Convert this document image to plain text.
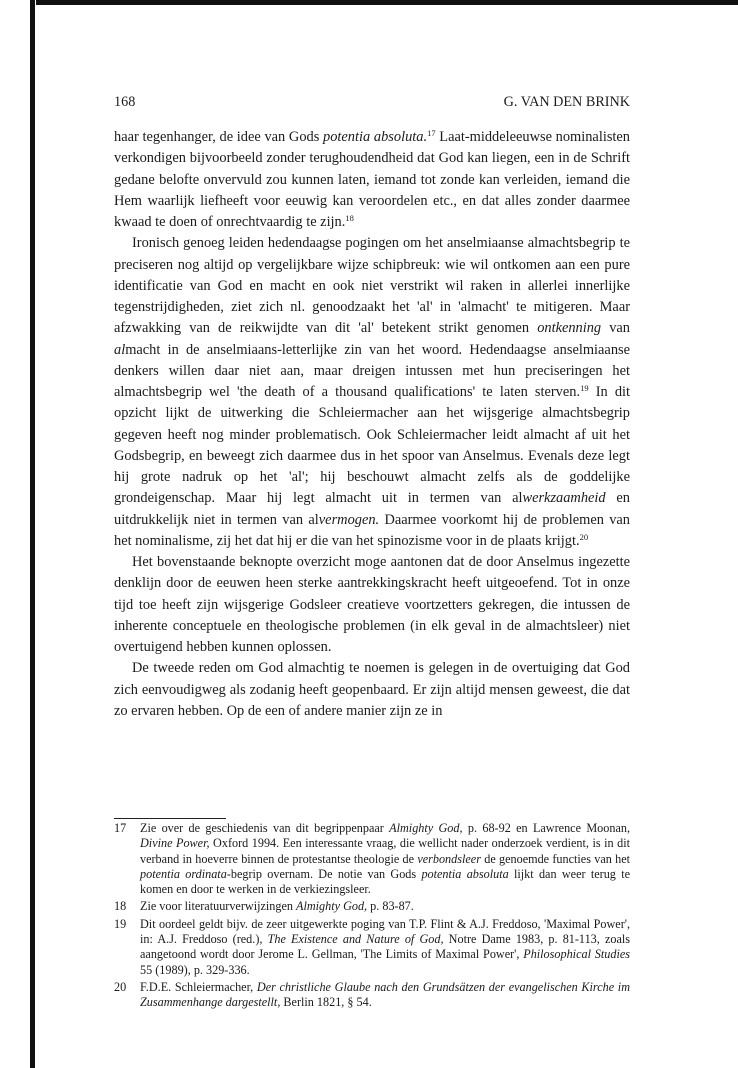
168	G. VAN DEN BRINK

haar tegenhanger, de idee van Gods potentia absoluta.$^{17}$ Laat-middeleeuwse nominalisten verkondigen bijvoorbeeld zonder terughoudendheid dat God kan liegen, een in de Schrift gedane belofte onvervuld zou kunnen laten, iemand tot zonde kan verleiden, iemand die Hem waarlijk liefheeft voor eeuwig kan veroordelen etc., en dat alles zonder daarmee kwaad te doen of onrechtvaardig te zijn.$^{18}$

Ironisch genoeg leiden hedendaagse pogingen om het anselmiaanse almachtsbegrip te preciseren nog altijd op vergelijkbare wijze schipbreuk: wie wil ontkomen aan een pure identificatie van God en macht en ook niet verstrikt wil raken in allerlei innerlijke tegenstrijdigheden, ziet zich nl. genoodzaakt het 'al' in 'almacht' te mitigeren. Maar afzwakking van de reikwijdte van dit 'al' betekent strikt genomen ontkenning van almacht in de anselmiaans-letterlijke zin van het woord. Hedendaagse anselmiaanse denkers willen daar niet aan, maar dreigen intussen met hun preciseringen het almachtsbegrip wel 'the death of a thousand qualifications' te laten sterven.$^{19}$ In dit opzicht lijkt de uitwerking die Schleiermacher aan het wijsgerige almachtsbegrip gegeven heeft nog minder problematisch. Ook Schleiermacher leidt almacht af uit het Godsbegrip, en beweegt zich daarmee dus in het spoor van Anselmus. Evenals deze legt hij grote nadruk op het 'al'; hij beschouwt almacht zelfs als de goddelijke grondeigenschap. Maar hij legt almacht uit in termen van alwerkzaamheid en uitdrukkelijk niet in termen van alvermogen. Daarmee voorkomt hij de problemen van het nominalisme, zij het dat hij er die van het spinozisme voor in de plaats krijgt.$^{20}$

Het bovenstaande beknopte overzicht moge aantonen dat de door Anselmus ingezette denklijn door de eeuwen heen sterke aantrekkingskracht heeft uitgeoefend. Tot in onze tijd toe heeft zijn wijsgerige Godsleer creatieve voortzetters gekregen, die intussen de inherente conceptuele en theologische problemen (in elk geval in de almachtsleer) niet overtuigend hebben kunnen oplossen.

De tweede reden om God almachtig te noemen is gelegen in de overtuiging dat God zich eenvoudigweg als zodanig heeft geopenbaard. Er zijn altijd mensen geweest, die dat zo ervaren hebben. Op de een of andere manier zijn ze in

17	Zie over de geschiedenis van dit begrippenpaar Almighty God, p. 68-92 en Lawrence Moonan, Divine Power, Oxford 1994. Een interessante vraag, die wellicht nader onderzoek verdient, is in dit verband in hoeverre binnen de protestantse theologie de verbondsleer de genoemde functies van het potentia ordinata-begrip overnam. De notie van Gods potentia absoluta lijkt dan weer terug te komen en door te werken in de verkiezingsleer.
18	Zie voor literatuurverwijzingen Almighty God, p. 83-87.
19	Dit oordeel geldt bijv. de zeer uitgewerkte poging van T.P. Flint & A.J. Freddoso, 'Maximal Power', in: A.J. Freddoso (red.), The Existence and Nature of God, Notre Dame 1983, p. 81-113, zoals aangetoond wordt door Jerome L. Gellman, 'The Limits of Maximal Power', Philosophical Studies 55 (1989), p. 329-336.
20	F.D.E. Schleiermacher, Der christliche Glaube nach den Grundsätzen der evangelischen Kirche im Zusammenhange dargestellt, Berlin 1821, § 54.
